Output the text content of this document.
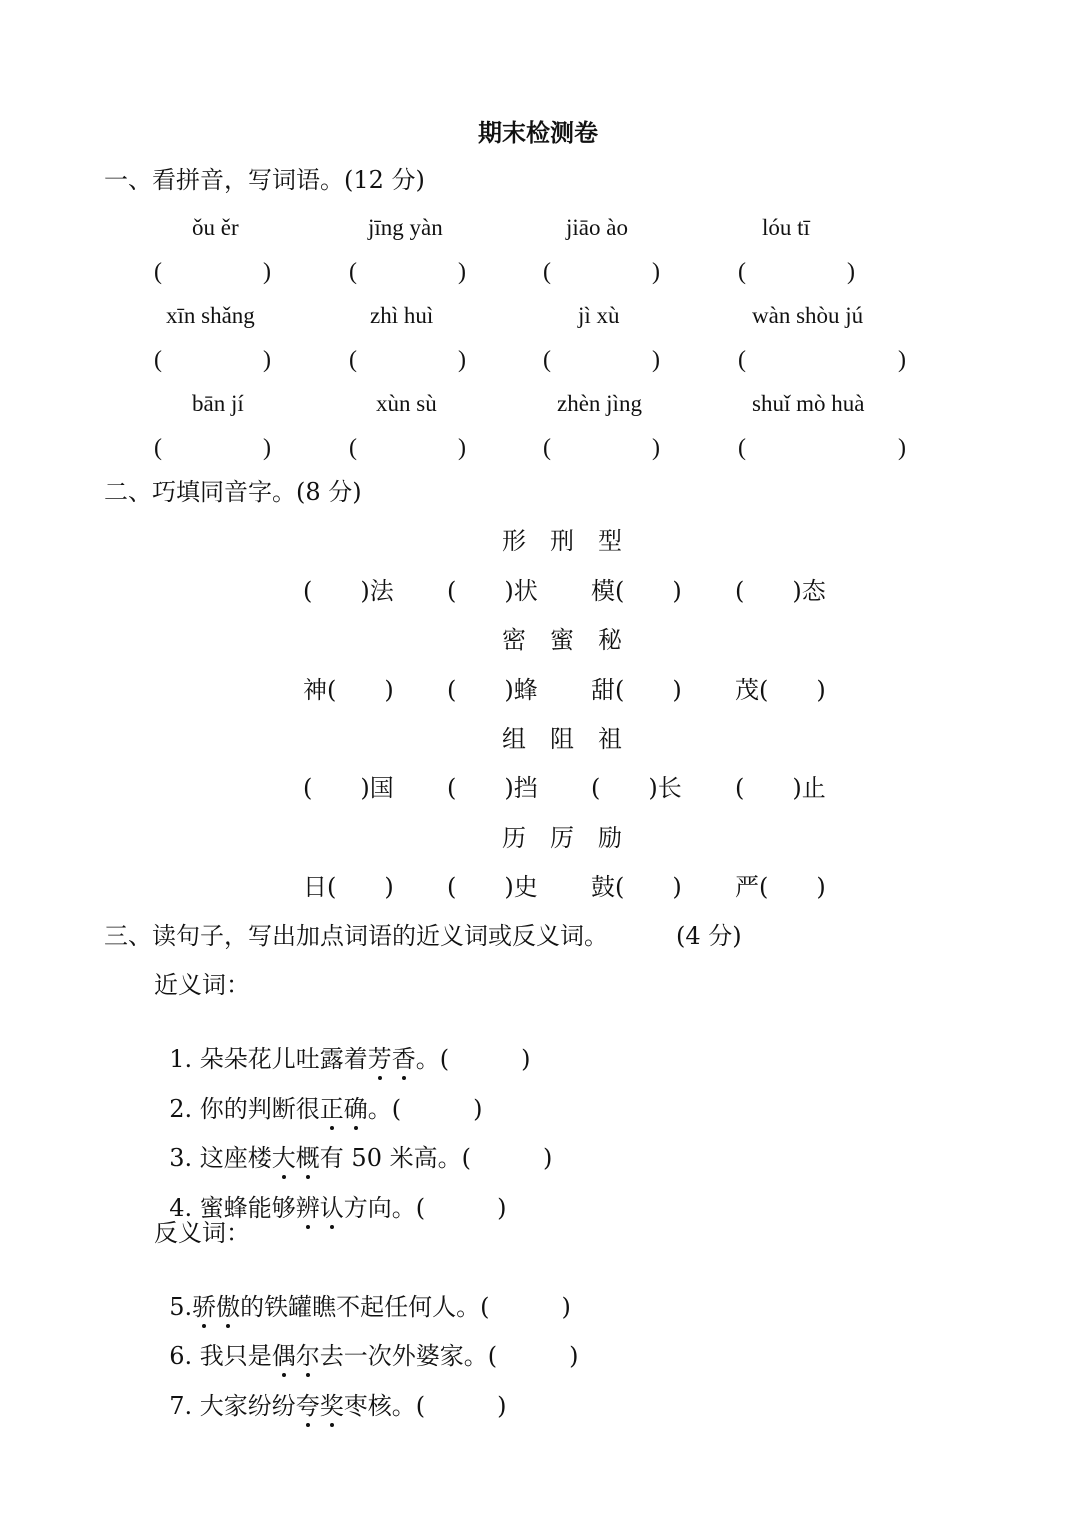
期末检测卷
一、看拼音，写词语。(12 分)
ǒu ěr	jīng yàn	jiāo ào	lóu tī
(	)	(	)	(	)	(	)
xīn shǎng	zhì huì	jì xù	wàn shòu jú
(	)	(	)	(	)	(	)
bān jí	xùn sù	zhèn jìng	shuǐ mò huà
(	)	(	)	(	)	(	)
二、巧填同音字。(8 分)
形　刑　型
(　　)法 (　　)状 模(　　) (　　)态
密　蜜　秘
神(　　) (　　)蜂 甜(　　) 茂(　　)
组　阻　祖
(　　)国 (　　)挡 (　　)长 (　　)止
历　厉　励
日(　　) (　　)史 鼓(　　) 严(　　)
三、读句子，写出加点词语的近义词或反义词。	(4 分)
近义词：

1. 朵朵花儿吐露着芳香。(　　　)

2. 你的判断很正确。(　　　)

3. 这座楼大概有 50 米高。(　　　)

4. 蜜蜂能够辨认方向。(　　　)

反义词：

5.骄傲的铁罐瞧不起任何人。(　　　)

6. 我只是偶尔去一次外婆家。(　　　)

7. 大家纷纷夸奖枣核。(　　　)
